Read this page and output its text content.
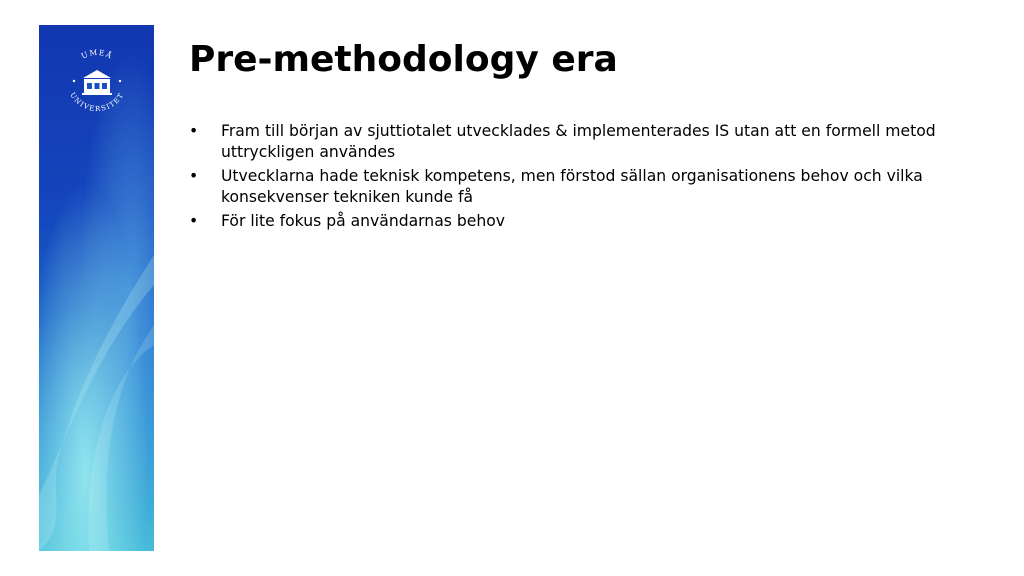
UMEÅ
UNIVERSITET
Pre-methodology era
•	Fram till början av sjuttiotalet utvecklades & implementerades IS utan att en formell metod uttryckligen användes
•	Utvecklarna hade teknisk kompetens, men förstod sällan organisationens behov och vilka konsekvenser tekniken kunde få
•	För lite fokus på användarnas behov
